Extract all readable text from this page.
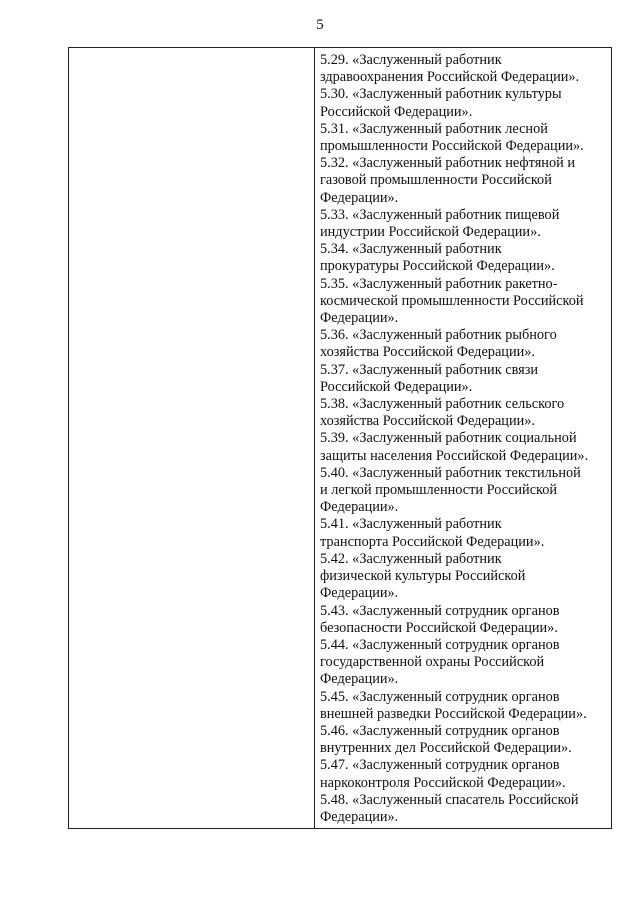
5
5.29. «Заслуженный работник
здравоохранения Российской Федерации».
5.30. «Заслуженный работник культуры
Российской Федерации».
5.31. «Заслуженный работник лесной
промышленности Российской Федерации».
5.32. «Заслуженный работник нефтяной и
газовой промышленности Российской
Федерации».
5.33. «Заслуженный работник пищевой
индустрии Российской Федерации».
5.34. «Заслуженный работник
прокуратуры Российской Федерации».
5.35. «Заслуженный работник ракетно-
космической промышленности Российской
Федерации».
5.36. «Заслуженный работник рыбного
хозяйства Российской Федерации».
5.37. «Заслуженный работник связи
Российской Федерации».
5.38. «Заслуженный работник сельского
хозяйства Российской Федерации».
5.39. «Заслуженный работник социальной
защиты населения Российской Федерации».
5.40. «Заслуженный работник текстильной
и легкой промышленности Российской
Федерации».
5.41. «Заслуженный работник
транспорта Российской Федерации».
5.42. «Заслуженный работник
физической культуры Российской
Федерации».
5.43. «Заслуженный сотрудник органов
безопасности Российской Федерации».
5.44. «Заслуженный сотрудник органов
государственной охраны Российской
Федерации».
5.45. «Заслуженный сотрудник органов
внешней разведки Российской Федерации».
5.46. «Заслуженный сотрудник органов
внутренних дел Российской Федерации».
5.47. «Заслуженный сотрудник органов
наркоконтроля Российской Федерации».
5.48. «Заслуженный спасатель Российской
Федерации».
